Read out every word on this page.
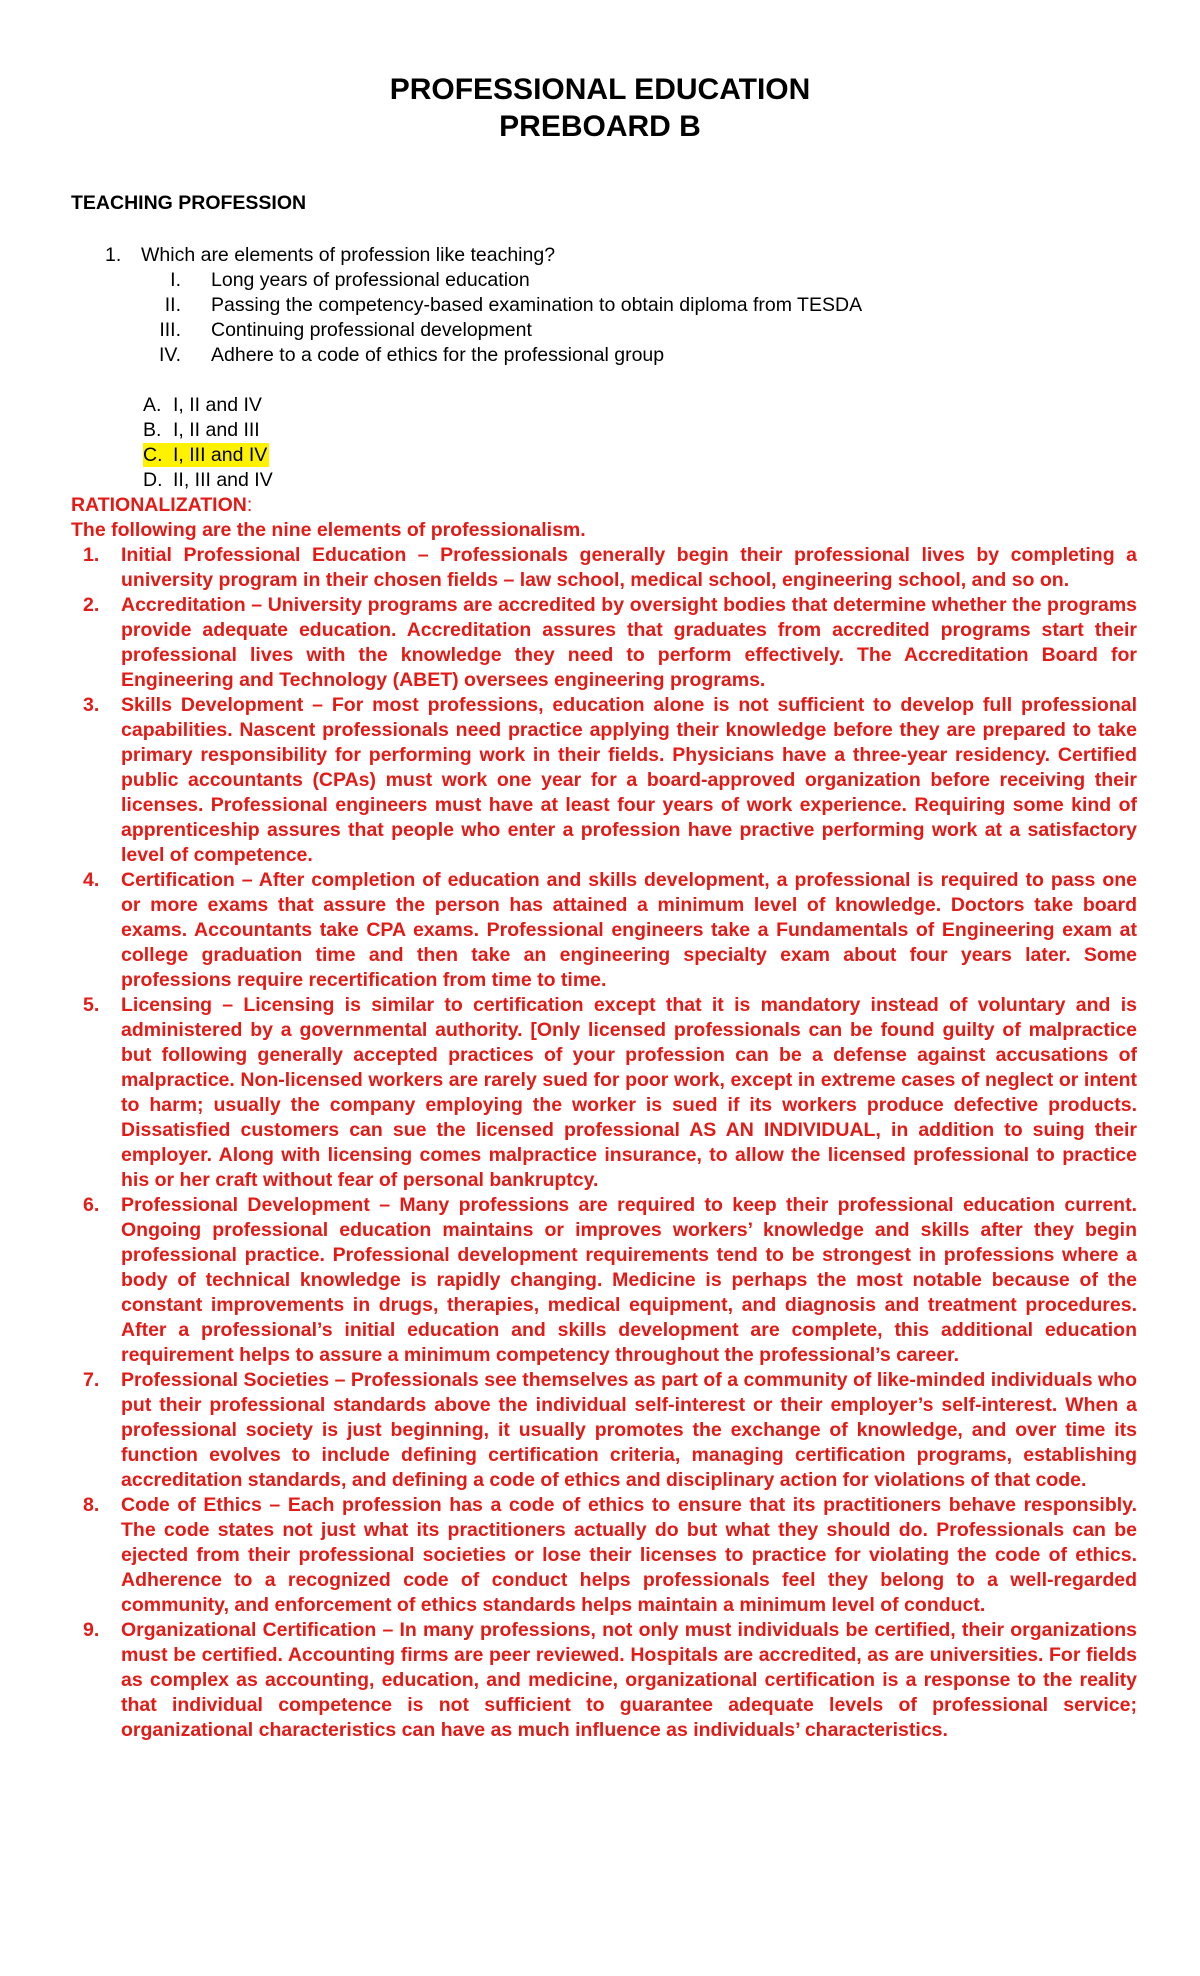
PROFESSIONAL EDUCATION
PREBOARD B
TEACHING PROFESSION
1. Which are elements of profession like teaching?
I. Long years of professional education
II. Passing the competency-based examination to obtain diploma from TESDA
III. Continuing professional development
IV. Adhere to a code of ethics for the professional group
A. I, II and IV
B. I, II and III
C. I, III and IV
D. II, III and IV
RATIONALIZATION:
The following are the nine elements of professionalism.
1. Initial Professional Education – Professionals generally begin their professional lives by completing a university program in their chosen fields – law school, medical school, engineering school, and so on.
2. Accreditation – University programs are accredited by oversight bodies that determine whether the programs provide adequate education. Accreditation assures that graduates from accredited programs start their professional lives with the knowledge they need to perform effectively. The Accreditation Board for Engineering and Technology (ABET) oversees engineering programs.
3. Skills Development – For most professions, education alone is not sufficient to develop full professional capabilities. Nascent professionals need practice applying their knowledge before they are prepared to take primary responsibility for performing work in their fields. Physicians have a three-year residency. Certified public accountants (CPAs) must work one year for a board-approved organization before receiving their licenses. Professional engineers must have at least four years of work experience. Requiring some kind of apprenticeship assures that people who enter a profession have practive performing work at a satisfactory level of competence.
4. Certification – After completion of education and skills development, a professional is required to pass one or more exams that assure the person has attained a minimum level of knowledge. Doctors take board exams. Accountants take CPA exams. Professional engineers take a Fundamentals of Engineering exam at college graduation time and then take an engineering specialty exam about four years later. Some professions require recertification from time to time.
5. Licensing – Licensing is similar to certification except that it is mandatory instead of voluntary and is administered by a governmental authority. [Only licensed professionals can be found guilty of malpractice but following generally accepted practices of your profession can be a defense against accusations of malpractice. Non-licensed workers are rarely sued for poor work, except in extreme cases of neglect or intent to harm; usually the company employing the worker is sued if its workers produce defective products. Dissatisfied customers can sue the licensed professional AS AN INDIVIDUAL, in addition to suing their employer. Along with licensing comes malpractice insurance, to allow the licensed professional to practice his or her craft without fear of personal bankruptcy.
6. Professional Development – Many professions are required to keep their professional education current. Ongoing professional education maintains or improves workers’ knowledge and skills after they begin professional practice. Professional development requirements tend to be strongest in professions where a body of technical knowledge is rapidly changing. Medicine is perhaps the most notable because of the constant improvements in drugs, therapies, medical equipment, and diagnosis and treatment procedures. After a professional’s initial education and skills development are complete, this additional education requirement helps to assure a minimum competency throughout the professional’s career.
7. Professional Societies – Professionals see themselves as part of a community of like-minded individuals who put their professional standards above the individual self-interest or their employer’s self-interest. When a professional society is just beginning, it usually promotes the exchange of knowledge, and over time its function evolves to include defining certification criteria, managing certification programs, establishing accreditation standards, and defining a code of ethics and disciplinary action for violations of that code.
8. Code of Ethics – Each profession has a code of ethics to ensure that its practitioners behave responsibly. The code states not just what its practitioners actually do but what they should do. Professionals can be ejected from their professional societies or lose their licenses to practice for violating the code of ethics. Adherence to a recognized code of conduct helps professionals feel they belong to a well-regarded community, and enforcement of ethics standards helps maintain a minimum level of conduct.
9. Organizational Certification – In many professions, not only must individuals be certified, their organizations must be certified. Accounting firms are peer reviewed. Hospitals are accredited, as are universities. For fields as complex as accounting, education, and medicine, organizational certification is a response to the reality that individual competence is not sufficient to guarantee adequate levels of professional service; organizational characteristics can have as much influence as individuals’ characteristics.
